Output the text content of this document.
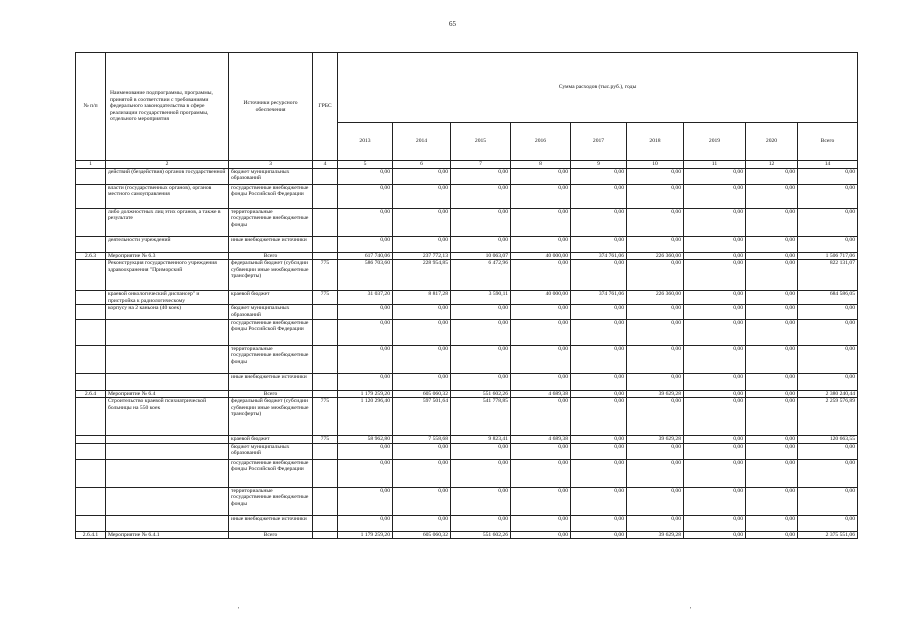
65
№ п/п	Наименование подпрограммы, программы, принятой в соответствии с требованиями федерального законодательства в сфере реализации государственной программы, отдельного мероприятия	Источники ресурсного обеспечения	ГРБС	Сумма расходов (тыс.руб.), годы								
				2013	2014	2015	2016	2017	2018	2019	2020	Всего
1	2	3	4	5	6	7	8	9	10	11	12	14
	действий (бездействия) органов государственной	бюджет муниципальных образований		0,00	0,00	0,00	0,00	0,00	0,00	0,00	0,00	0,00
	власти (государственных органов), органов местного самоуправления	государственные внебюджетные фонды Российской Федерации		0,00	0,00	0,00	0,00	0,00	0,00	0,00	0,00	0,00
	либо должностных лиц этих органов, а также в результате	территориальные государственные внебюджетные фонды		0,00	0,00	0,00	0,00	0,00	0,00	0,00	0,00	0,00
	деятельности учреждений	иные внебюджетные источники		0,00	0,00	0,00	0,00	0,00	0,00	0,00	0,00	0,00
2.6.3	Мероприятие № 6.3	Всего		617 740,06	237 772,13	10 063,07	40 000,00	374 761,06	226 360,00	0,00	0,00	1 506 717,06
	Реконструкция государственного учреждения здравоохранения "Приморский	федеральный бюджет (субсидии субвенции иные межбюджетные трансферты)	775	586 703,60	228 954,85	6 472,96	0,00	0,00	0,00	0,00	0,00	822 131,07
	краевой онкологический диспансер" и пристройка к радиологическому	краевой бюджет	775	31 037,20	8 817,28	3 590,11	40 000,00	374 761,06	226 360,00	0,00	0,00	684 586,05
	корпусу на 2 каньона (40 коек)	бюджет муниципальных образований		0,00	0,00	0,00	0,00	0,00	0,00	0,00	0,00	0,00
		государственные внебюджетные фонды Российской Федерации		0,00	0,00	0,00	0,00	0,00	0,00	0,00	0,00	0,00
		территориальные государственные внебюджетные фонды		0,00	0,00	0,00	0,00	0,00	0,00	0,00	0,00	0,00
		иные внебюджетные источники		0,00	0,00	0,00	0,00	0,00	0,00	0,00	0,00	0,00
2.6.4	Мероприятие № 6.4	Всего		1 179 259,20	605 060,32	551 602,26	4 689,38	0,00	39 629,28	0,00	0,00	2 380 240,44
	Строительство краевой психиатрической больницы на 550 коек	федеральный бюджет (субсидии субвенции иные межбюджетные трансферты)	775	1 120 296,40	597 501,64	541 778,85	0,00	0,00	0,00	0,00	0,00	2 259 576,89
		краевой бюджет	775	58 962,80	7 558,68	9 823,41	4 689,38	0,00	39 629,28	0,00	0,00	120 663,55
		бюджет муниципальных образований		0,00	0,00	0,00	0,00	0,00	0,00	0,00	0,00	0,00
		государственные внебюджетные фонды Российской Федерации		0,00	0,00	0,00	0,00	0,00	0,00	0,00	0,00	0,00
		территориальные государственные внебюджетные фонды		0,00	0,00	0,00	0,00	0,00	0,00	0,00	0,00	0,00
		иные внебюджетные источники		0,00	0,00	0,00	0,00	0,00	0,00	0,00	0,00	0,00
2.6.4.1	Мероприятие № 6.4.1	Всего		1 179 259,20	605 060,32	551 602,26	0,00	0,00	39 629,28	0,00	0,00	2 375 551,06
'	'
